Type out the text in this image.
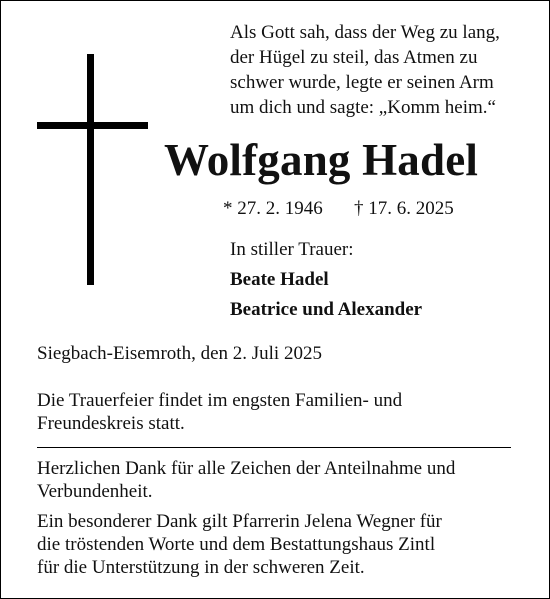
Als Gott sah, dass der Weg zu lang,
der Hügel zu steil, das Atmen zu
schwer wurde, legte er seinen Arm
um dich und sagte: „Komm heim.“

Wolfgang Hadel
* 27. 2. 1946 † 17. 6. 2025
In stiller Trauer:
Beate Hadel
Beatrice und Alexander
Siegbach-Eisemroth, den 2. Juli 2025
Die Trauerfeier findet im engsten Familien- und
Freundeskreis statt.
Herzlichen Dank für alle Zeichen der Anteilnahme und
Verbundenheit.
Ein besonderer Dank gilt Pfarrerin Jelena Wegner für
die tröstenden Worte und dem Bestattungshaus Zintl
für die Unterstützung in der schweren Zeit.
